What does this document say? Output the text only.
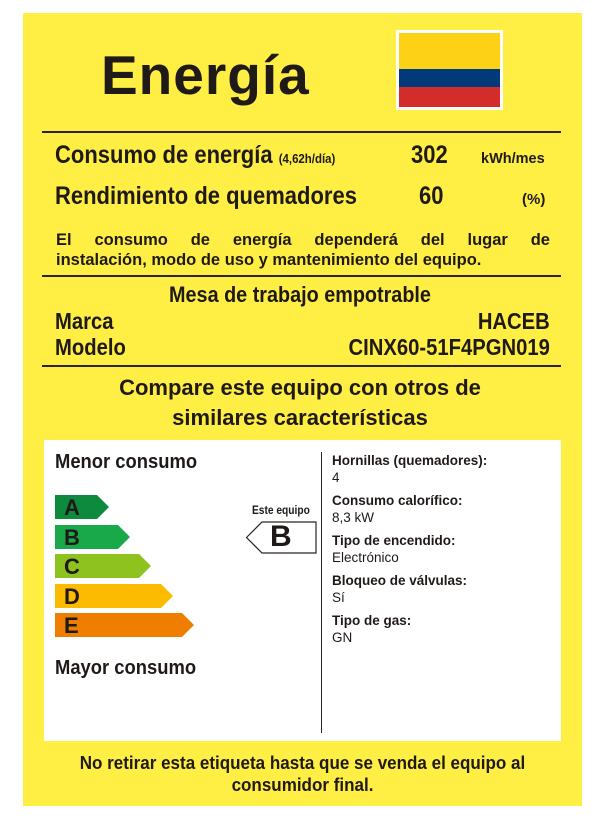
Energía
Consumo de energía (4,62h/día)	302 kWh/mes
Rendimiento de quemadores 60	(%)
El consumo de energía dependerá del lugar de
instalación, modo de uso y mantenimiento del equipo.
Mesa de trabajo empotrable
Marca	HACEB
Modelo	CINX60-51F4PGN019
Compare este equipo con otros de
similares características
Menor consumo
A
B
C
D
E
Mayor consumo
Este equipo
B
Hornillas (quemadores):
4
Consumo calorífico:
8,3 kW
Tipo de encendido:
Electrónico
Bloqueo de válvulas:
Sí
Tipo de gas:
GN
No retirar esta etiqueta hasta que se venda el equipo al
consumidor final.
